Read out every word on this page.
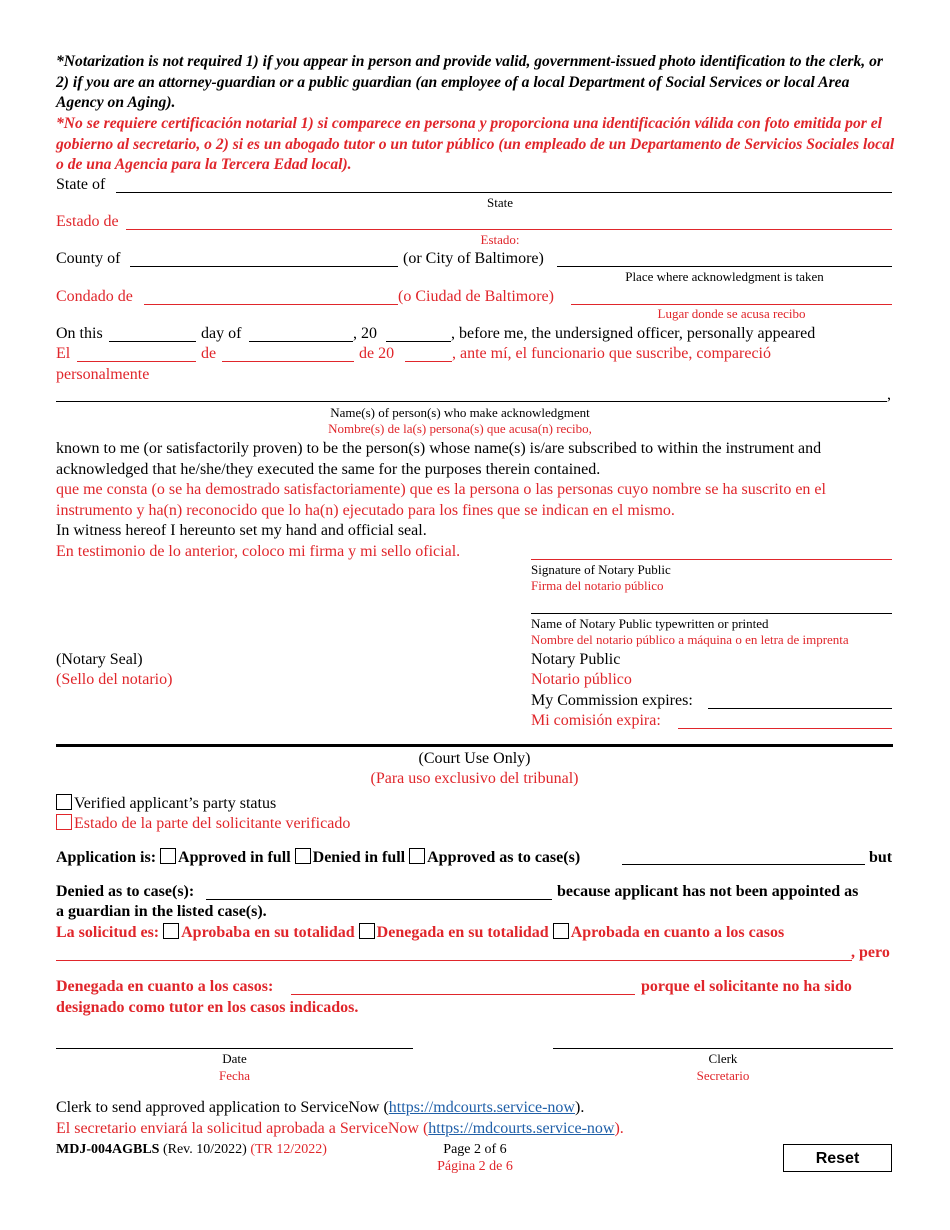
*Notarization is not required 1) if you appear in person and provide valid, government-issued photo identification to the clerk, or 2) if you are an attorney-guardian or a public guardian (an employee of a local Department of Social Services or local Area Agency on Aging).
*No se requiere certificación notarial 1) si comparece en persona y proporciona una identificación válida con foto emitida por el gobierno al secretario, o 2) si es un abogado tutor o un tutor público (un empleado de un Departamento de Servicios Sociales local o de una Agencia para la Tercera Edad local).
State of
State
Estado de
Estado:
County of	(or City of Baltimore)
Place where acknowledgment is taken
Condado de	(o Ciudad de Baltimore)
Lugar donde se acusa recibo
On this	day of	, 20	, before me, the undersigned officer, personally appeared
El	de	de 20	, ante mí, el funcionario que suscribe, compareció
personalmente
,
Name(s) of person(s) who make acknowledgment
Nombre(s) de la(s) persona(s) que acusa(n) recibo,
known to me (or satisfactorily proven) to be the person(s) whose name(s) is/are subscribed to within the instrument and
acknowledged that he/she/they executed the same for the purposes therein contained.
que me consta (o se ha demostrado satisfactoriamente) que es la persona o las personas cuyo nombre se ha suscrito en el
instrumento y ha(n) reconocido que lo ha(n) ejecutado para los fines que se indican en el mismo.
In witness hereof I hereunto set my hand and official seal.
En testimonio de lo anterior, coloco mi firma y mi sello oficial.
Signature of Notary Public
Firma del notario público
Name of Notary Public typewritten or printed
Nombre del notario público a máquina o en letra de imprenta
(Notary Seal)
(Sello del notario)
Notary Public
Notario público
My Commission expires:
Mi comisión expira:
(Court Use Only)
(Para uso exclusivo del tribunal)
Verified applicant’s party status
Estado de la parte del solicitante verificado
Application is: Approved in full Denied in full Approved as to case(s)	but
Denied as to case(s):	because applicant has not been appointed as
a guardian in the listed case(s).
La solicitud es: Aprobaba en su totalidad Denegada en su totalidad Aprobada en cuanto a los casos
, pero
Denegada en cuanto a los casos:	porque el solicitante no ha sido
designado como tutor en los casos indicados.
Date
Fecha
Clerk
Secretario
Clerk to send approved application to ServiceNow (https://mdcourts.service-now).
El secretario enviará la solicitud aprobada a ServiceNow (https://mdcourts.service-now).
MDJ-004AGBLS (Rev. 10/2022) (TR 12/2022)	Page 2 of 6
Página 2 de 6	Reset
